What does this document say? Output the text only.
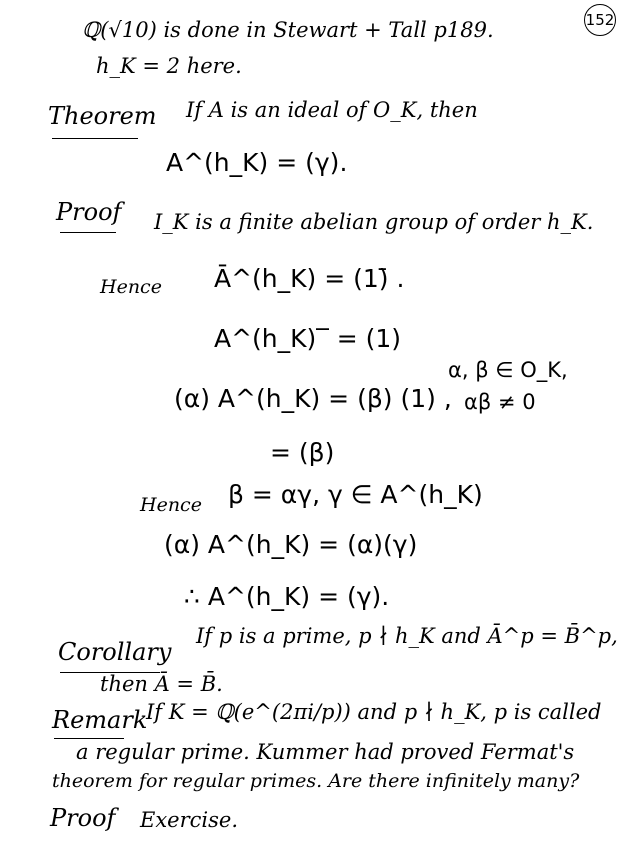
152
ℚ(√10) is done in Stewart + Tall p189.
h_K = 2 here.
Theorem If A is an ideal of O_K, then
A^(h_K) = (γ).
Proof I_K is a finite abelian group of order h_K.
Hence Ā^(h_K) = (1)̄ .
A^(h_K)‾ = (1)
(α) A^(h_K) = (β) (1) ,
α, β ∈ O_K,
αβ ≠ 0
= (β)
Hence β = αγ, γ ∈ A^(h_K)
(α) A^(h_K) = (α)(γ)
∴ A^(h_K) = (γ).
Corollary
If p is a prime, p ∤ h_K and Ā^p = B̄^p,
then Ā = B̄.
Remark
If K = ℚ(e^(2πi/p)) and p ∤ h_K, p is called
a regular prime. Kummer had proved Fermat's
theorem for regular primes. Are there infinitely many?
Proof Exercise.
